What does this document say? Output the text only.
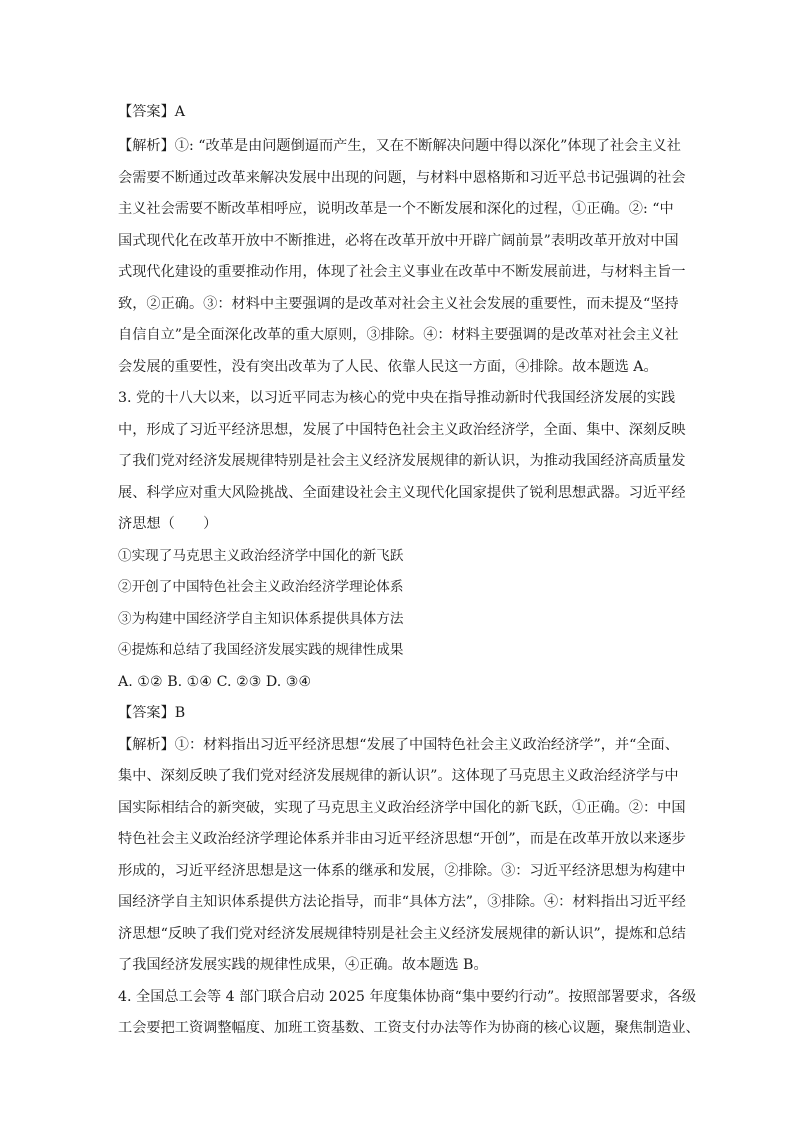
【答案】A

【解析】①: “改革是由问题倒逼而产生，又在不断解决问题中得以深化”体现了社会主义社

会需要不断通过改革来解决发展中出现的问题，与材料中恩格斯和习近平总书记强调的社会

主义社会需要不断改革相呼应，说明改革是一个不断发展和深化的过程，①正确。②: “中

国式现代化在改革开放中不断推进，必将在改革开放中开辟广阔前景”表明改革开放对中国

式现代化建设的重要推动作用，体现了社会主义事业在改革中不断发展前进，与材料主旨一

致，②正确。③：材料中主要强调的是改革对社会主义社会发展的重要性，而未提及“坚持

自信自立”是全面深化改革的重大原则，③排除。④：材料主要强调的是改革对社会主义社

会发展的重要性，没有突出改革为了人民、依靠人民这一方面，④排除。故本题选 A。

3. 党的十八大以来，以习近平同志为核心的党中央在指导推动新时代我国经济发展的实践

中，形成了习近平经济思想，发展了中国特色社会主义政治经济学，全面、集中、深刻反映

了我们党对经济发展规律特别是社会主义经济发展规律的新认识，为推动我国经济高质量发

展、科学应对重大风险挑战、全面建设社会主义现代化国家提供了锐利思想武器。习近平经

济思想（　　）

①实现了马克思主义政治经济学中国化的新飞跃

②开创了中国特色社会主义政治经济学理论体系

③为构建中国经济学自主知识体系提供具体方法

④提炼和总结了我国经济发展实践的规律性成果

A. ①② B. ①④ C. ②③ D. ③④

【答案】B

【解析】①：材料指出习近平经济思想“发展了中国特色社会主义政治经济学”，并“全面、

集中、深刻反映了我们党对经济发展规律的新认识”。这体现了马克思主义政治经济学与中

国实际相结合的新突破，实现了马克思主义政治经济学中国化的新飞跃，①正确。②：中国

特色社会主义政治经济学理论体系并非由习近平经济思想“开创”，而是在改革开放以来逐步

形成的，习近平经济思想是这一体系的继承和发展，②排除。③：习近平经济思想为构建中

国经济学自主知识体系提供方法论指导，而非“具体方法”，③排除。④：材料指出习近平经

济思想“反映了我们党对经济发展规律特别是社会主义经济发展规律的新认识”，提炼和总结

了我国经济发展实践的规律性成果，④正确。故本题选 B。

4. 全国总工会等 4 部门联合启动 2025 年度集体协商“集中要约行动”。按照部署要求，各级

工会要把工资调整幅度、加班工资基数、工资支付办法等作为协商的核心议题，聚焦制造业、
